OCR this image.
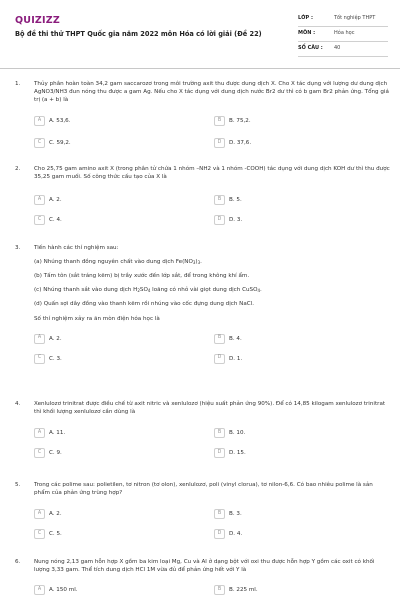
QUIZIZZ
Bộ đề thi thử THPT Quốc gia năm 2022 môn Hóa có lời giải (Đề 22)
LỚP :	Tốt nghiệp THPT
MÔN :	Hóa học
SỐ CÂU :	40
1. Thủy phân hoàn toàn 34,2 gam saccarozơ trong môi trường axit thu được dung dịch X. Cho X tác dụng với lượng dư dung dịch AgNO3/NH3 đun nóng thu được a gam Ag. Nếu cho X tác dụng với dung dịch nước Br2 dư thì có b gam Br2 phản ứng. Tổng giá trị (a + b) là
A	A. 53,6.	B	B. 75,2.
C	C. 59,2.	D	D. 37,6.
2. Cho 25,75 gam amino axit X (trong phân tử chứa 1 nhóm –NH2 và 1 nhóm -COOH) tác dụng với dung dịch KOH dư thì thu được 35,25 gam muối. Số công thức cấu tạo của X là
A	A. 2.	B	B. 5.
C	C. 4.	D	D. 3.
3. Tiến hành các thí nghiệm sau:
(a) Nhúng thanh đồng nguyên chất vào dung dịch $Fe(NO_3)_3$.
(b) Tấm tôn (sắt tráng kẽm) bị trầy xước đến lớp sắt, để trong không khí ẩm.
(c) Nhúng thanh sắt vào dung dịch $H_2SO_4$ loãng có nhỏ vài giọt dung dịch CuSO$_4$.
(d) Quấn sợi dây đồng vào thanh kẽm rồi nhúng vào cốc đựng dung dịch NaCl.
Số thí nghiệm xảy ra ăn mòn điện hóa học là
A	A. 2.	B	B. 4.
C	C. 3.	D	D. 1.
4. Xenlulozơ trinitrat được điều chế từ axit nitric và xenlulozơ (hiệu suất phản ứng 90%). Để có 14,85 kilogam xenlulozơ trinitrat thì khối lượng xenlulozơ cần dùng là
A	A. 11.	B	B. 10.
C	C. 9.	D	D. 15.
5. Trong các polime sau: polietilen, tơ nitron (tơ olon), xenlulozơ, poli (vinyl clorua), tơ nilon-6,6. Có bao nhiêu polime là sản phẩm của phản ứng trùng hợp?
A	A. 2.	B	B. 3.
C	C. 5.	D	D. 4.
6. Nung nóng 2,13 gam hỗn hợp X gồm ba kim loại Mg, Cu và Al ở dạng bột với oxi thu được hỗn hợp Y gồm các oxit có khối lượng 3,33 gam. Thể tích dung dịch HCl 1M vừa đủ để phản ứng hết với Y là
A	A. 150 ml.	B	B. 225 ml.
